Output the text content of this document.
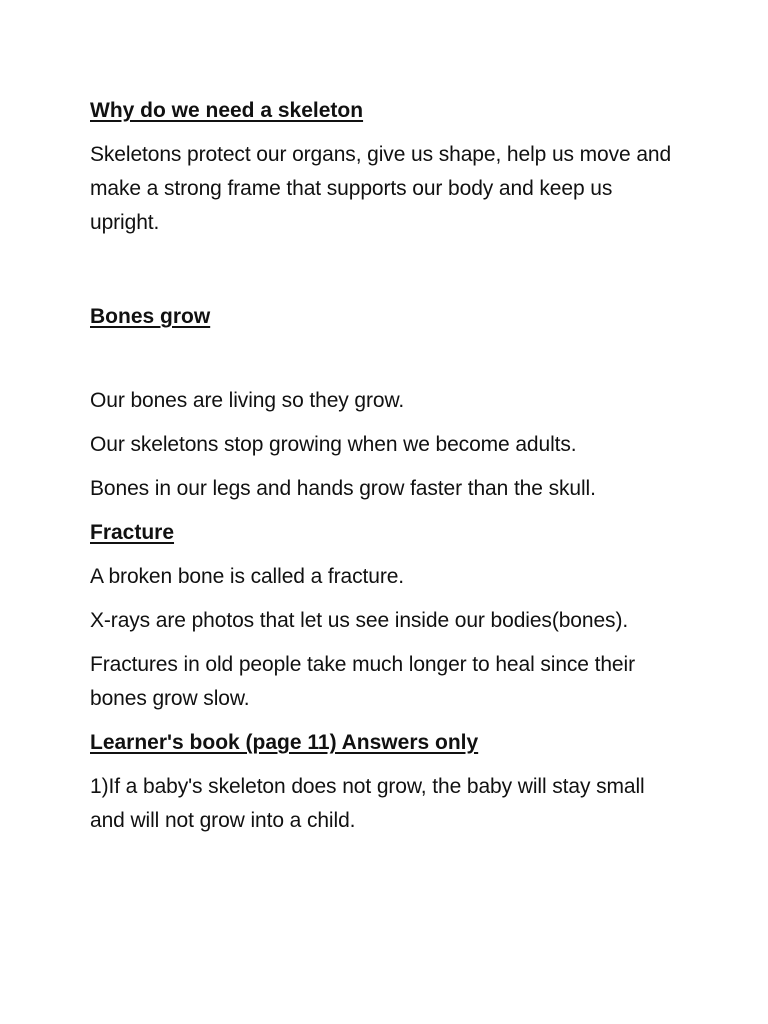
Why do we need a skeleton

Skeletons protect our organs, give us shape, help us move and make a strong frame that supports our body and keep us upright.

Bones grow

Our bones are living so they grow.

Our skeletons stop growing when we become adults.

Bones in our legs and hands grow faster than the skull.

Fracture

A broken bone is called a fracture.

X-rays are photos that let us see inside our bodies(bones).

Fractures in old people take much longer to heal since their bones grow slow.

Learner's book (page 11) Answers only

1)If a baby's skeleton does not grow, the baby will stay small and will not grow into a child.
